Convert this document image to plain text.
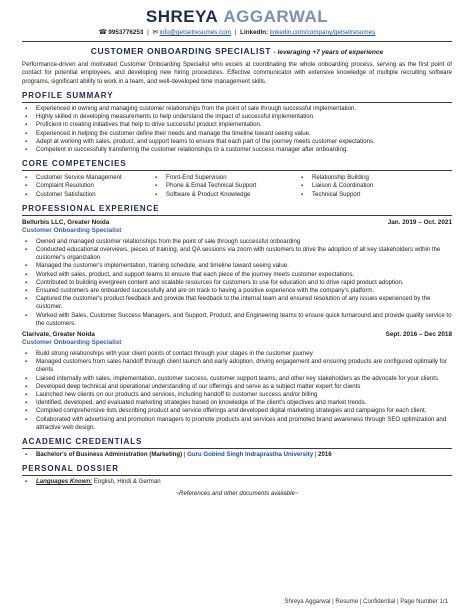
SHREYA AGGARWAL
☎ 9953776253 | ✉ info@getsetresumes.com | LinkedIn: linkedin.com/company/getsetresumes
CUSTOMER ONBOARDING SPECIALIST - leveraging +7 years of experience
Performance-driven and motivated Customer Onboarding Specialist who excels at coordinating the whole onboarding process, serving as the first point of contact for potential employees, and developing new hiring procedures. Effective communicator with extensive knowledge of multiple recruiting software programs, significant ability to work in a team, and well-developed time management skills.
PROFILE SUMMARY
▪ Experienced in owning and managing customer relationships from the point of sale through successful implementation.
▪ Highly skilled in developing measurements to help understand the impact of successful implementation.
▪ Proficient in creating initiatives that help to drive successful product implementation.
▪ Experienced in helping the customer define their needs and manage the timeline toward seeing value.
▪ Adept at working with sales, product, and support teams to ensure that each part of the journey meets customer expectations.
▪ Competent in successfully transferring the customer relationships to a customer success manager after onboarding.
CORE COMPETENCIES
▪ Customer Service Management
▪ Complaint Resolution
▪ Customer Satisfaction
▪ Front-End Supervision
▪ Phone & Email Technical Support
▪ Software & Product Knowledge
▪ Relationship Building
▪ Liaison & Coordination
▪ Technical Support
PROFESSIONAL EXPERIENCE
Bellurbis LLC, Greater Noida	Jan. 2019 – Oct. 2021
Customer Onboarding Specialist
▪ Owned and managed customer relationships from the point of sale through successful onboarding
▪ Conducted educational overviews, pieces of training, and QA sessions via zoom with customers to drive the adoption of all key stakeholders within the customer's organization
▪ Managed the customer's implementation, training schedule, and timeline toward seeing value.
▪ Worked with sales, product, and support teams to ensure that each piece of the journey meets customer expectations.
▪ Contributed to building evergreen content and scalable resources for customers to use for education and to drive rapid product adoption.
▪ Ensured customers are onboarded successfully and are on track to having a positive experience with the company's platform.
▪ Captured the customer's product feedback and provide that feedback to the internal team and ensured resolution of any issues experienced by the customer.
▪ Worked with Sales, Customer Success Managers, and Support, Product, and Engineering teams to ensure quick turnaround and provide quality service to the customers.
Clarivate, Greater Noida	Sept. 2016 – Dec 2018
Customer Onboarding Specialist
▪ Build strong relationships with your client points of contact through your stages in the customer journey
▪ Managed customers from sales handoff through client launch and early adoption, driving engagement and ensuring products are configured optimally for clients
▪ Liaised internally with sales, implementation, customer success, customer support teams, and other key stakeholders as the advocate for your clients
▪ Developed deep technical and operational understanding of our offerings and serve as a subject matter expert for clients
▪ Launched new clients on our products and services, including handoff to customer success and/or billing
▪ Identified, developed, and evaluated marketing strategies based on knowledge of the client's objectives and market trends.
▪ Compiled comprehensive lists describing product and service offerings and developed digital marketing strategies and campaigns for each client.
▪ Collaborated with advertising and promotion managers to promote products and services and promoted brand awareness through SEO optimization and attractive web design.
ACADEMIC CREDENTIALS
▪ Bachelor's of Business Administration (Marketing) | Guru Gobind Singh Indraprastha University | 2016
PERSONAL DOSSIER
▪ Languages Known: English, Hindi & German
~References and other documents available~
Shreya Aggarwal | Resume | Confidential | Page Number 1/1
